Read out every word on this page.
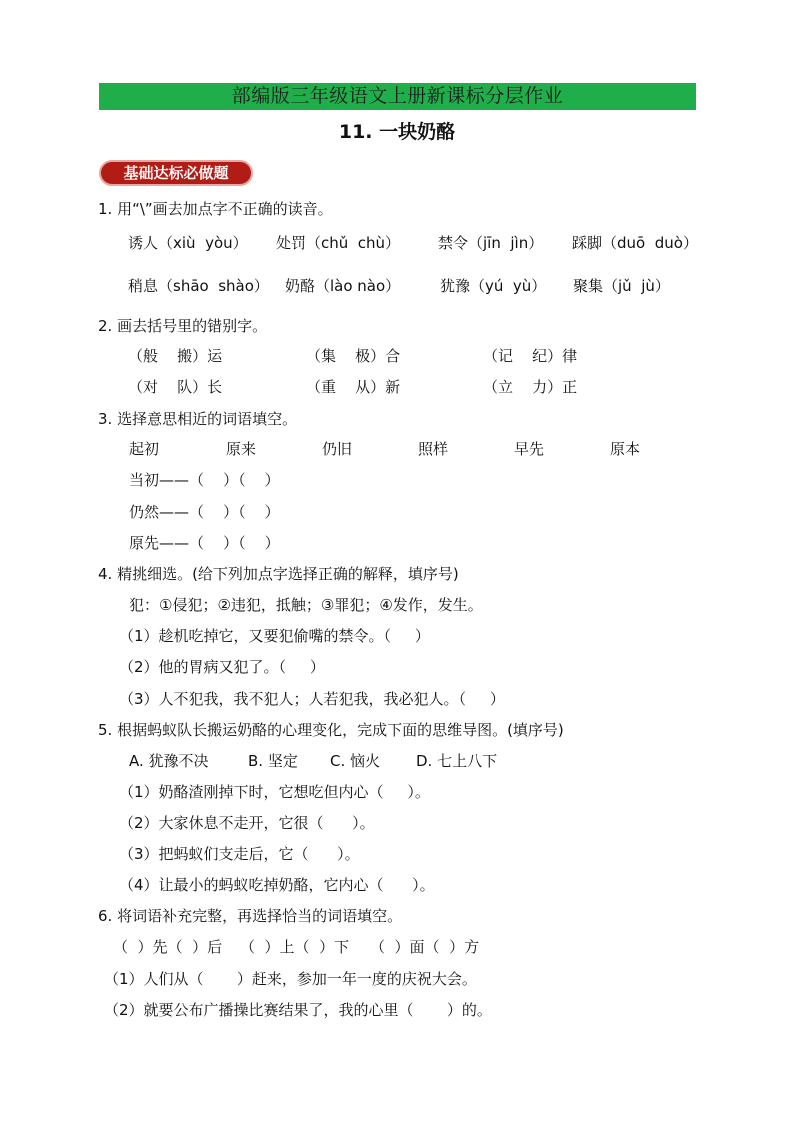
部编版三年级语文上册新课标分层作业
11. 一块奶酪
基础达标必做题
1. 用“\”画去加点字不正确的读音。
诱人（xiù  yòu） 处罚（chǔ  chù）	禁令（jīn  jìn） 踩脚（duō  duò）
稍息（shāo  shào） 奶酪（lào nào）	犹豫（yú  yù） 聚集（jǔ  jù）
2. 画去括号里的错别字。
（般    搬）运	（集    极）合	（记    纪）律
（对    队）长	（重    从）新	（立    力）正
3. 选择意思相近的词语填空。
起初	原来	仍旧	照样	早先	原本
当初——（    ）（    ）
仍然——（    ）（    ）
原先——（    ）（    ）
4. 精挑细选。(给下列加点字选择正确的解释，填序号)
犯：①侵犯；②违犯，抵触；③罪犯；④发作，发生。
（1）趁机吃掉它，又要犯偷嘴的禁令。（     ）
（2）他的胃病又犯了。（     ）
（3）人不犯我，我不犯人；人若犯我，我必犯人。（     ）
5. 根据蚂蚁队长搬运奶酪的心理变化，完成下面的思维导图。(填序号)
A. 犹豫不决	B. 坚定 C. 恼火 D. 七上八下
（1）奶酪渣刚掉下时，它想吃但内心（     ）。
（2）大家休息不走开，它很（      ）。
（3）把蚂蚁们支走后，它（      ）。
（4）让最小的蚂蚁吃掉奶酪，它内心（      ）。
6. 将词语补充完整，再选择恰当的词语填空。
（  ）先（  ）后 （  ）上（  ）下 （  ）面（  ）方
（1）人们从（       ）赶来，参加一年一度的庆祝大会。
（2）就要公布广播操比赛结果了，我的心里（       ）的。
